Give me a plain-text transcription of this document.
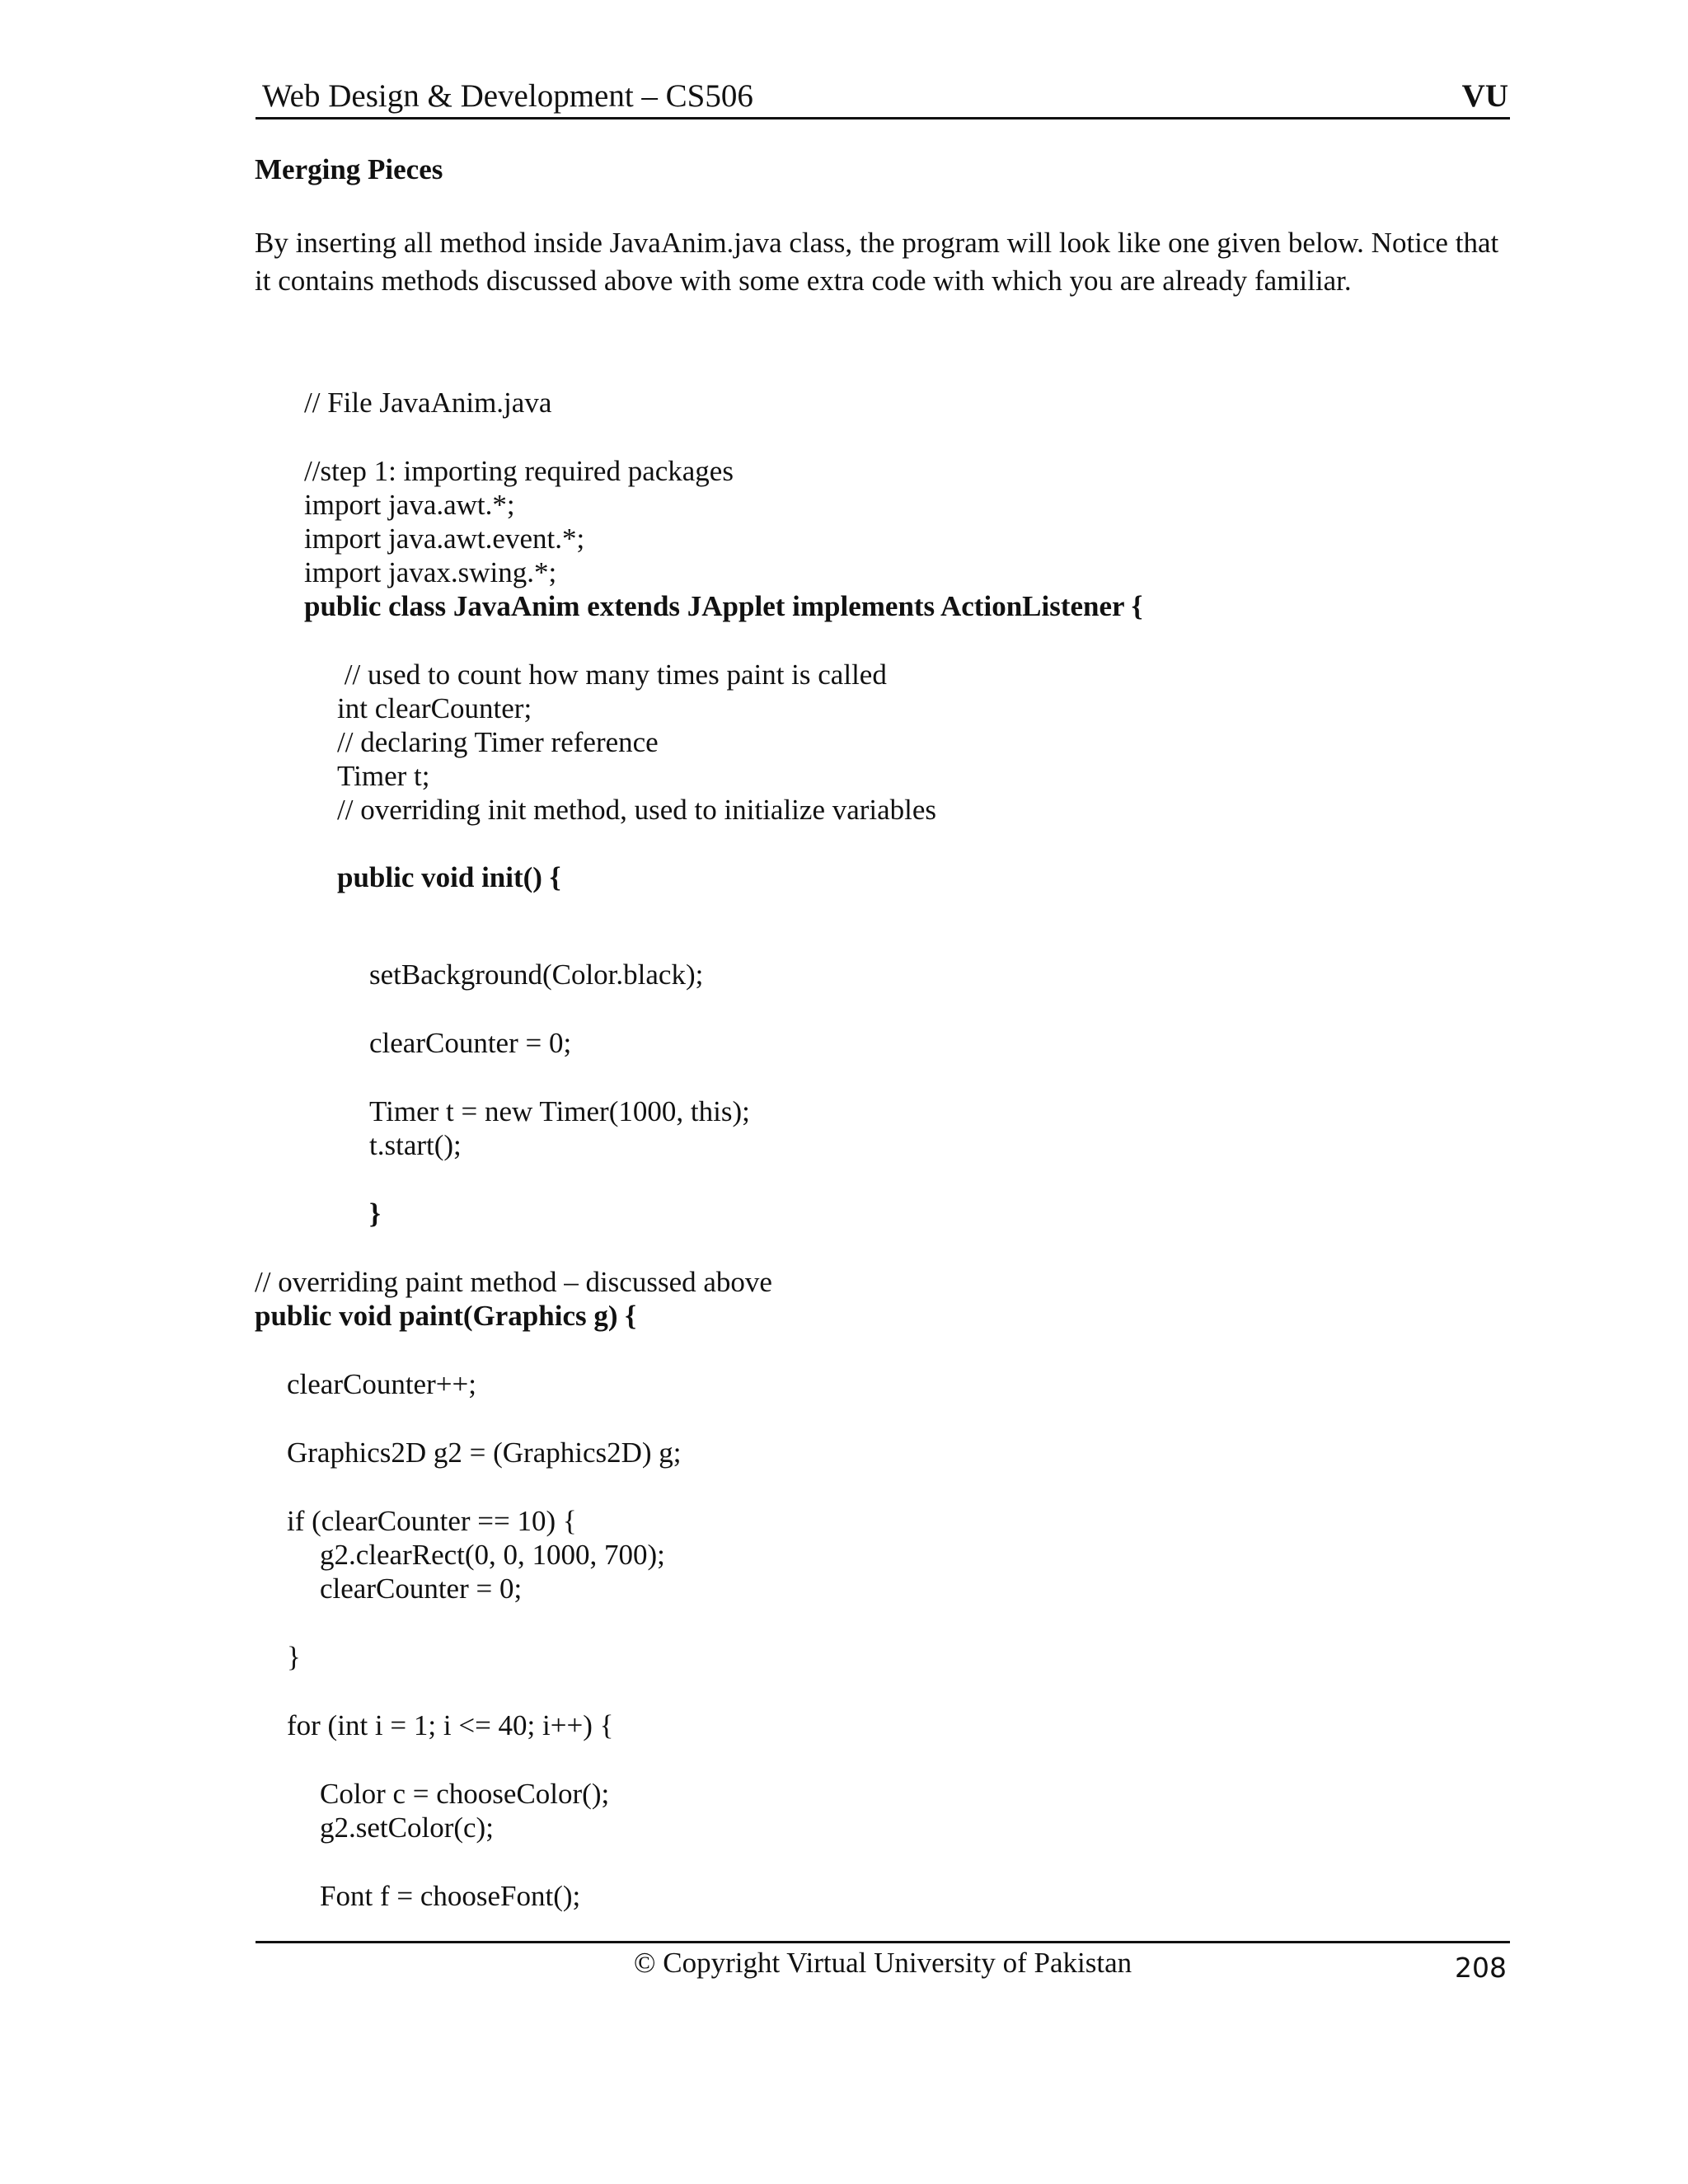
Web Design & Development – CS506	VU
Merging Pieces

By inserting all method inside JavaAnim.java class, the program will look like one given below. Notice that it contains methods discussed above with some extra code with which you are already familiar.

// File JavaAnim.java
//step 1: importing required packages
import java.awt.*;
import java.awt.event.*;
import javax.swing.*;
public class JavaAnim extends JApplet implements ActionListener {
// used to count how many times paint is called
int clearCounter;
// declaring Timer reference
Timer t;
// overriding init method, used to initialize variables
public void init() {
setBackground(Color.black);
clearCounter = 0;
Timer t = new Timer(1000, this);
t.start();
}
// overriding paint method – discussed above
public void paint(Graphics g) {
clearCounter++;
Graphics2D g2 = (Graphics2D) g;
if (clearCounter == 10) {
g2.clearRect(0, 0, 1000, 700);
clearCounter = 0;
}
for (int i = 1; i <= 40; i++) {
Color c = chooseColor();
g2.setColor(c);
Font f = chooseFont();
© Copyright Virtual University of Pakistan	208
